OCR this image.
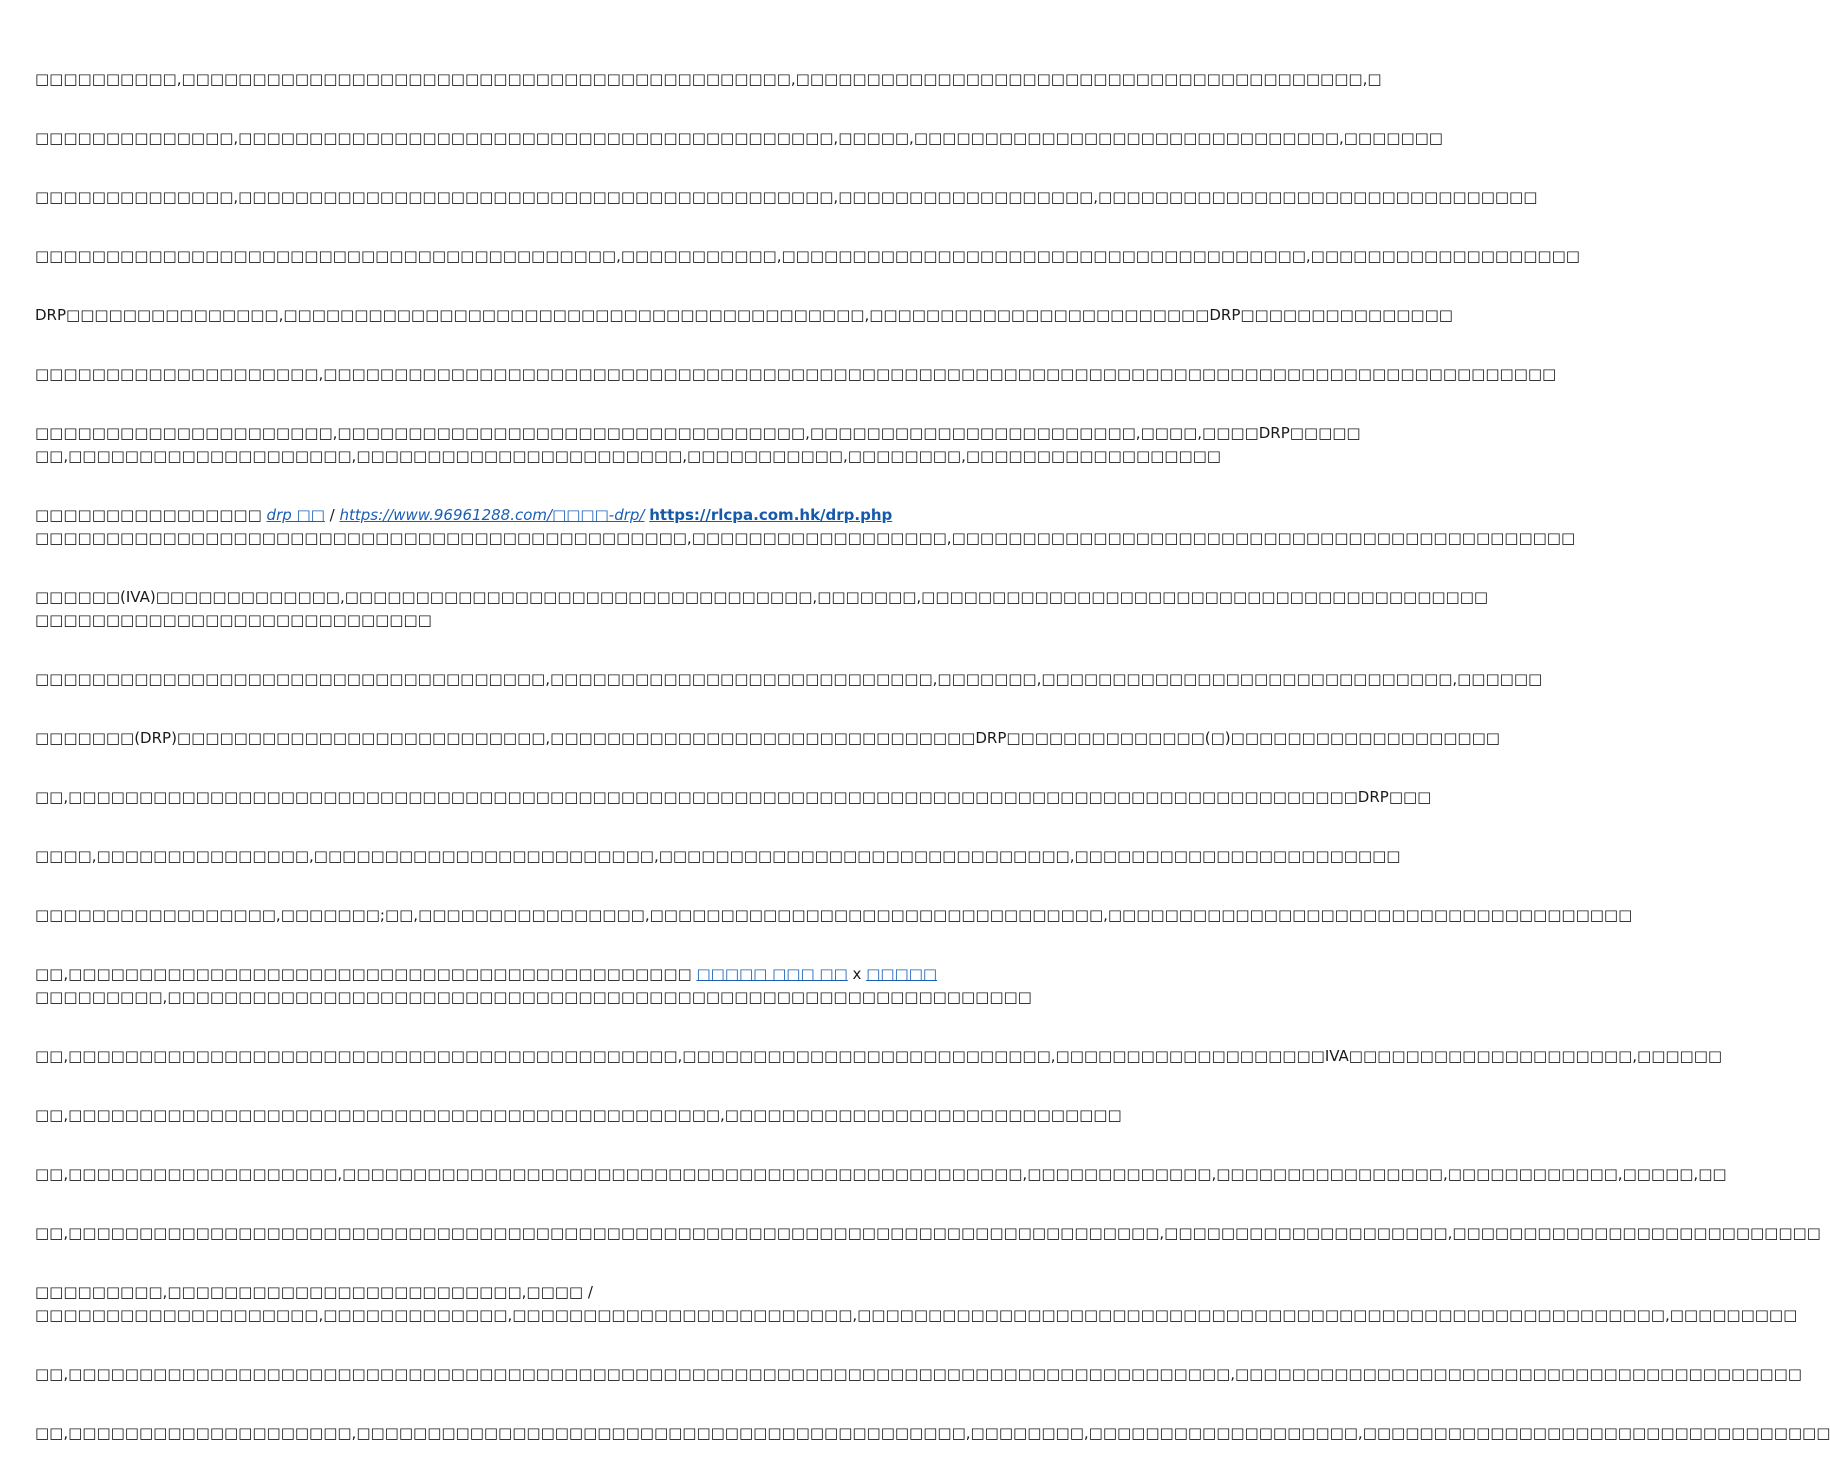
□□□□□□□□□□,□□□□□□□□□□□□□□□□□□□□□□□□□□□□□□□□□□□□□□□□□□□,□□□□□□□□□□□□□□□□□□□□□□□□□□□□□□□□□□□□□□□□,□

□□□□□□□□□□□□□□,□□□□□□□□□□□□□□□□□□□□□□□□□□□□□□□□□□□□□□□□□□,□□□□□,□□□□□□□□□□□□□□□□□□□□□□□□□□□□□□,□□□□□□□

□□□□□□□□□□□□□□,□□□□□□□□□□□□□□□□□□□□□□□□□□□□□□□□□□□□□□□□□□,□□□□□□□□□□□□□□□□□□,□□□□□□□□□□□□□□□□□□□□□□□□□□□□□□□

□□□□□□□□□□□□□□□□□□□□□□□□□□□□□□□□□□□□□□□□□,□□□□□□□□□□□,□□□□□□□□□□□□□□□□□□□□□□□□□□□□□□□□□□□□□,□□□□□□□□□□□□□□□□□□□

DRP□□□□□□□□□□□□□□□,□□□□□□□□□□□□□□□□□□□□□□□□□□□□□□□□□□□□□□□□□,□□□□□□□□□□□□□□□□□□□□□□□□DRP□□□□□□□□□□□□□□□

□□□□□□□□□□□□□□□□□□□□,□□□□□□□□□□□□□□□□□□□□□□□□□□□□□□□□□□□□□□□□□□□□□□□□□□□□□□□□□□□□□□□□□□□□□□□□□□□□□□□□□□□□□□□

□□□□□□□□□□□□□□□□□□□□□,□□□□□□□□□□□□□□□□□□□□□□□□□□□□□□□□□,□□□□□□□□□□□□□□□□□□□□□□□,□□□□,□□□□DRP□□□□□
□□,□□□□□□□□□□□□□□□□□□□□,□□□□□□□□□□□□□□□□□□□□□□□,□□□□□□□□□□□,□□□□□□□□,□□□□□□□□□□□□□□□□□□

□□□□□□□□□□□□□□□□ drp □□ / https://www.96961288.com/□□□□-drp/ https://rlcpa.com.hk/drp.php
□□□□□□□□□□□□□□□□□□□□□□□□□□□□□□□□□□□□□□□□□□□□□□,□□□□□□□□□□□□□□□□□□,□□□□□□□□□□□□□□□□□□□□□□□□□□□□□□□□□□□□□□□□□□□□

□□□□□□(IVA)□□□□□□□□□□□□□,□□□□□□□□□□□□□□□□□□□□□□□□□□□□□□□□□,□□□□□□□,□□□□□□□□□□□□□□□□□□□□□□□□□□□□□□□□□□□□□□□□
□□□□□□□□□□□□□□□□□□□□□□□□□□□□

□□□□□□□□□□□□□□□□□□□□□□□□□□□□□□□□□□□□,□□□□□□□□□□□□□□□□□□□□□□□□□□□,□□□□□□□,□□□□□□□□□□□□□□□□□□□□□□□□□□□□□,□□□□□□

□□□□□□□(DRP)□□□□□□□□□□□□□□□□□□□□□□□□□□,□□□□□□□□□□□□□□□□□□□□□□□□□□□□□□DRP□□□□□□□□□□□□□□(□)□□□□□□□□□□□□□□□□□□□

□□,□□□□□□□□□□□□□□□□□□□□□□□□□□□□□□□□□□□□□□□□□□□□□□□□□□□□□□□□□□□□□□□□□□□□□□□□□□□□□□□□□□□□□□□□□□□DRP□□□

□□□□,□□□□□□□□□□□□□□□,□□□□□□□□□□□□□□□□□□□□□□□□,□□□□□□□□□□□□□□□□□□□□□□□□□□□□□,□□□□□□□□□□□□□□□□□□□□□□□

□□□□□□□□□□□□□□□□□,□□□□□□□;□□,□□□□□□□□□□□□□□□□,□□□□□□□□□□□□□□□□□□□□□□□□□□□□□□□□,□□□□□□□□□□□□□□□□□□□□□□□□□□□□□□□□□□□□□

□□,□□□□□□□□□□□□□□□□□□□□□□□□□□□□□□□□□□□□□□□□□□□□ □□□□□ □□□ □□ x □□□□□
□□□□□□□□□,□□□□□□□□□□□□□□□□□□□□□□□□□□□□□□□□□□□□□□□□□□□□□□□□□□□□□□□□□□□□□

□□,□□□□□□□□□□□□□□□□□□□□□□□□□□□□□□□□□□□□□□□□□□□,□□□□□□□□□□□□□□□□□□□□□□□□□□,□□□□□□□□□□□□□□□□□□□IVA□□□□□□□□□□□□□□□□□□□□,□□□□□□

□□,□□□□□□□□□□□□□□□□□□□□□□□□□□□□□□□□□□□□□□□□□□□□□□,□□□□□□□□□□□□□□□□□□□□□□□□□□□□

□□,□□□□□□□□□□□□□□□□□□□,□□□□□□□□□□□□□□□□□□□□□□□□□□□□□□□□□□□□□□□□□□□□□□□□,□□□□□□□□□□□□□,□□□□□□□□□□□□□□□□,□□□□□□□□□□□□,□□□□□,□□

□□,□□□□□□□□□□□□□□□□□□□□□□□□□□□□□□□□□□□□□□□□□□□□□□□□□□□□□□□□□□□□□□□□□□□□□□□□□□□□□,□□□□□□□□□□□□□□□□□□□□,□□□□□□□□□□□□□□□□□□□□□□□□□□

□□□□□□□□□,□□□□□□□□□□□□□□□□□□□□□□□□□,□□□□ /
□□□□□□□□□□□□□□□□□□□□,□□□□□□□□□□□□□,□□□□□□□□□□□□□□□□□□□□□□□□,□□□□□□□□□□□□□□□□□□□□□□□□□□□□□□□□□□□□□□□□□□□□□□□□□□□□□□□□□,□□□□□□□□□

□□,□□□□□□□□□□□□□□□□□□□□□□□□□□□□□□□□□□□□□□□□□□□□□□□□□□□□□□□□□□□□□□□□□□□□□□□□□□□□□□□□□□,□□□□□□□□□□□□□□□□□□□□□□□□□□□□□□□□□□□□□□□□

□□,□□□□□□□□□□□□□□□□□□□□,□□□□□□□□□□□□□□□□□□□□□□□□□□□□□□□□□□□□□□□□□□□,□□□□□□□□,□□□□□□□□□□□□□□□□□□□,□□□□□□□□□□□□□□□□□□□□□□□□□□□□□□□□□
